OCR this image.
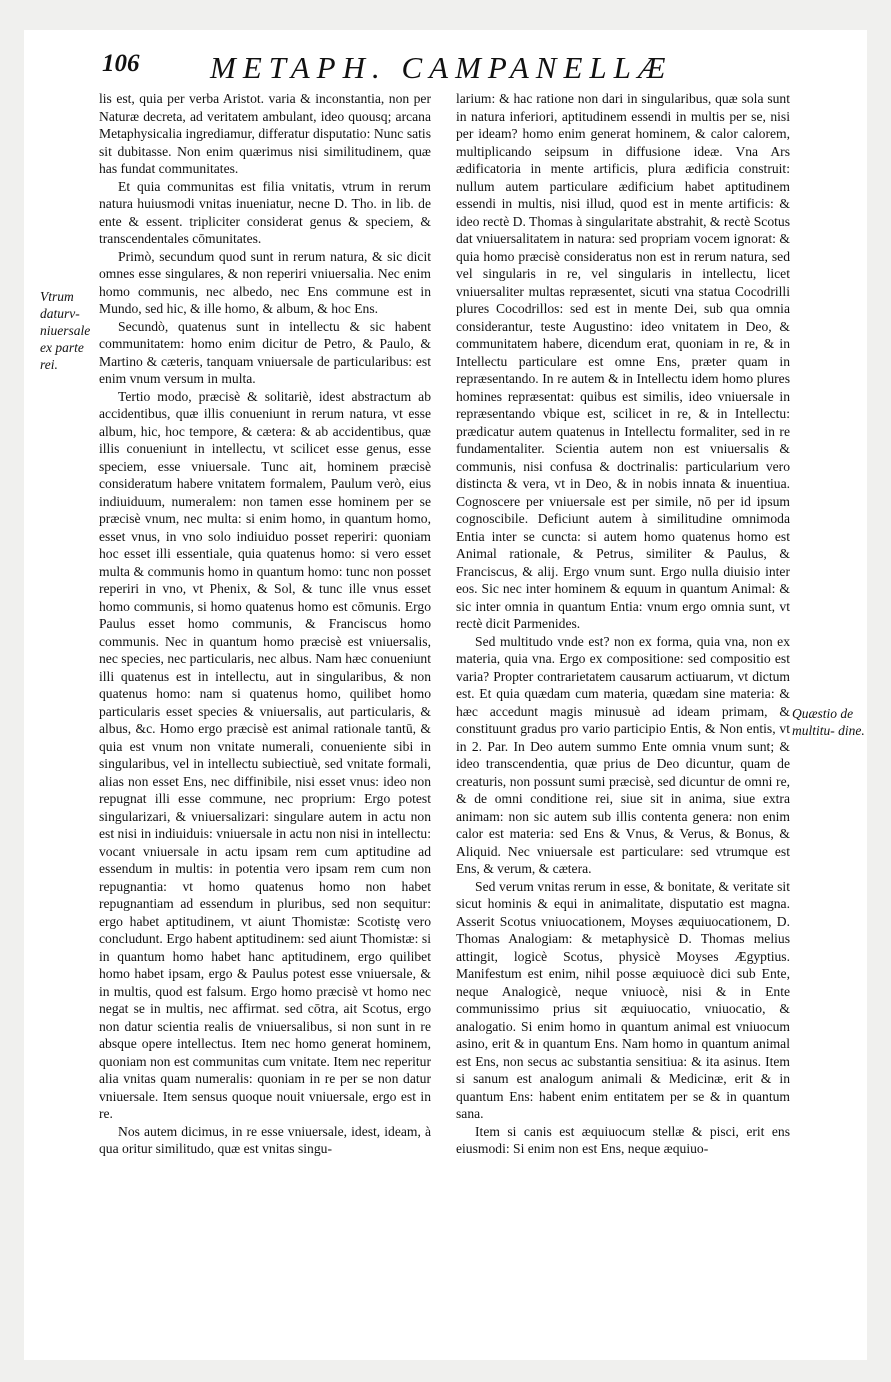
106 METAPH. CAMPANELLÆ
Vtrum daturv- niuersale ex parte rei.

lis est, quia per verba Aristot. varia & inconstantia, non per Naturæ decreta, ad veritatem ambulant, ideo quousq; arcana Metaphysicalia ingrediamur, differatur disputatio: Nunc satis sit dubitasse. Non enim quærimus nisi similitudinem, quæ has fundat communitates.

Et quia communitas est filia vnitatis, vtrum in rerum natura huiusmodi vnitas inueniatur, necne D. Tho. in lib. de ente & essent. tripliciter considerat genus & speciem, & transcendentales cōmunitates.

Primò, secundum quod sunt in rerum natura, & sic dicit omnes esse singulares, & non reperiri vniuersalia. Nec enim homo communis, nec albedo, nec Ens commune est in Mundo, sed hic, & ille homo, & album, & hoc Ens.

Secundò, quatenus sunt in intellectu & sic habent communitatem: homo enim dicitur de Petro, & Paulo, & Martino & cæteris, tanquam vniuersale de particularibus: est enim vnum versum in multa.

Tertio modo, præcisè & solitariè, idest abstractum ab accidentibus, quæ illis conueniunt in rerum natura, vt esse album, hic, hoc tempore, & cætera: & ab accidentibus, quæ illis conueniunt in intellectu, vt scilicet esse genus, esse speciem, esse vniuersale. Tunc ait, hominem præcisè consideratum habere vnitatem formalem, Paulum verò, eius indiuiduum, numeralem: non tamen esse hominem per se præcisè vnum, nec multa: si enim homo, in quantum homo, esset vnus, in vno solo indiuiduo posset reperiri: quoniam hoc esset illi essentiale, quia quatenus homo: si vero esset multa & communis homo in quantum homo: tunc non posset reperiri in vno, vt Phenix, & Sol, & tunc ille vnus esset homo communis, si homo quatenus homo est cōmunis. Ergo Paulus esset homo communis, & Franciscus homo communis. Nec in quantum homo præcisè est vniuersalis, nec species, nec particularis, nec albus. Nam hæc conueniunt illi quatenus est in intellectu, aut in singularibus, & non quatenus homo: nam si quatenus homo, quilibet homo particularis esset species & vniuersalis, aut particularis, & albus, &c. Homo ergo præcisè est animal rationale tantū, & quia est vnum non vnitate numerali, conueniente sibi in singularibus, vel in intellectu subiectiuè, sed vnitate formali, alias non esset Ens, nec diffinibile, nisi esset vnus: ideo non repugnat illi esse commune, nec proprium: Ergo potest singularizari, & vniuersalizari: singulare autem in actu non est nisi in indiuiduis: vniuersale in actu non nisi in intellectu: vocant vniuersale in actu ipsam rem cum aptitudine ad essendum in multis: in potentia vero ipsam rem cum non repugnantia: vt homo quatenus homo non habet repugnantiam ad essendum in pluribus, sed non sequitur: ergo habet aptitudinem, vt aiunt Thomistæ: Scotistę vero concludunt. Ergo habent aptitudinem: sed aiunt Thomistæ: si in quantum homo habet hanc aptitudinem, ergo quilibet homo habet ipsam, ergo & Paulus potest esse vniuersale, & in multis, quod est falsum. Ergo homo præcisè vt homo nec negat se in multis, nec affirmat. sed cōtra, ait Scotus, ergo non datur scientia realis de vniuersalibus, si non sunt in re absque opere intellectus. Item nec homo generat hominem, quoniam non est communitas cum vnitate. Item nec reperitur alia vnitas quam numeralis: quoniam in re per se non datur vniuersale. Item sensus quoque nouit vniuersale, ergo est in re.

Nos autem dicimus, in re esse vniuersale, idest, ideam, à qua oritur similitudo, quæ est vnitas singu-

larium: & hac ratione non dari in singularibus, quæ sola sunt in natura inferiori, aptitudinem essendi in multis per se, nisi per ideam? homo enim generat hominem, & calor calorem, multiplicando seipsum in diffusione ideæ. Vna Ars ædificatoria in mente artificis, plura ædificia construit: nullum autem particulare ædificium habet aptitudinem essendi in multis, nisi illud, quod est in mente artificis: & ideo rectè D. Thomas à singularitate abstrahit, & rectè Scotus dat vniuersalitatem in natura: sed propriam vocem ignorat: & quia homo præcisè consideratus non est in rerum natura, sed vel singularis in re, vel singularis in intellectu, licet vniuersaliter multas repræsentet, sicuti vna statua Cocodrilli plures Cocodrillos: sed est in mente Dei, sub qua omnia considerantur, teste Augustino: ideo vnitatem in Deo, & communitatem habere, dicendum erat, quoniam in re, & in Intellectu particulare est omne Ens, præter quam in repræsentando. In re autem & in Intellectu idem homo plures homines repræsentat: quibus est similis, ideo vniuersale in repræsentando vbique est, scilicet in re, & in Intellectu: prædicatur autem quatenus in Intellectu formaliter, sed in re fundamentaliter. Scientia autem non est vniuersalis & communis, nisi confusa & doctrinalis: particularium vero distincta & vera, vt in Deo, & in nobis innata & inuentiua. Cognoscere per vniuersale est per simile, nō per id ipsum cognoscibile. Deficiunt autem à similitudine omnimoda Entia inter se cuncta: si autem homo quatenus homo est Animal rationale, & Petrus, similiter & Paulus, & Franciscus, & alij. Ergo vnum sunt. Ergo nulla diuisio inter eos. Sic nec inter hominem & equum in quantum Animal: & sic inter omnia in quantum Entia: vnum ergo omnia sunt, vt rectè dicit Parmenides.

Sed multitudo vnde est? non ex forma, quia vna, non ex materia, quia vna. Ergo ex compositione: sed compositio est varia? Propter contrarietatem causarum actiuarum, vt dictum est. Et quia quædam cum materia, quædam sine materia: & hæc accedunt magis minusuè ad ideam primam, & constituunt gradus pro vario participio Entis, & Non entis, vt in 2. Par. In Deo autem summo Ente omnia vnum sunt; & ideo transcendentia, quæ prius de Deo dicuntur, quam de creaturis, non possunt sumi præcisè, sed dicuntur de omni re, & de omni conditione rei, siue sit in anima, siue extra animam: non sic autem sub illis contenta genera: non enim calor est materia: sed Ens & Vnus, & Verus, & Bonus, & Aliquid. Nec vniuersale est particulare: sed vtrumque est Ens, & verum, & cætera.

Sed verum vnitas rerum in esse, & bonitate, & veritate sit sicut hominis & equi in animalitate, disputatio est magna. Asserit Scotus vniuocationem, Moyses æquiuocationem, D. Thomas Analogiam: & metaphysicè D. Thomas melius attingit, logicè Scotus, physicè Moyses Ægyptius. Manifestum est enim, nihil posse æquiuocè dici sub Ente, neque Analogicè, neque vniuocè, nisi & in Ente communissimo prius sit æquiuocatio, vniuocatio, & analogatio. Si enim homo in quantum animal est vniuocum asino, erit & in quantum Ens. Nam homo in quantum animal est Ens, non secus ac substantia sensitiua: & ita asinus. Item si sanum est analogum animali & Medicinæ, erit & in quantum Ens: habent enim entitatem per se & in quantum sana.

Item si canis est æquiuocum stellæ & pisci, erit ens eiusmodi: Si enim non est Ens, neque æquiuo-

Quæstio de multitu- dine.
